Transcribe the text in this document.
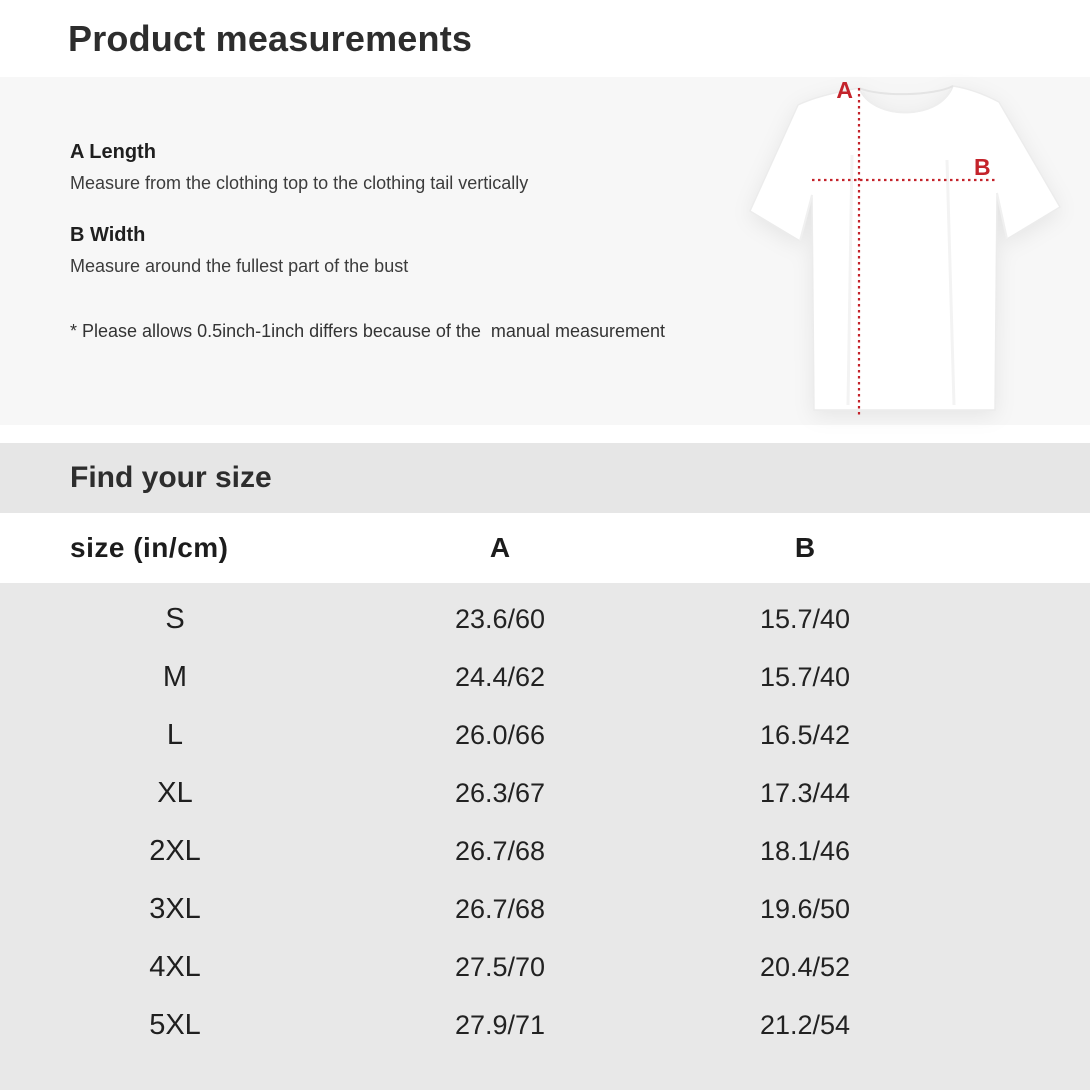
Product measurements
A Length
Measure from the clothing top to the clothing tail vertically
B Width
Measure around the fullest part of the bust
* Please allows 0.5inch-1inch differs because of the  manual measurement
A
B
Find your size
size (in/cm)	A	B
S	23.6/60	15.7/40
M	24.4/62	15.7/40
L	26.0/66	16.5/42
XL	26.3/67	17.3/44
2XL	26.7/68	18.1/46
3XL	26.7/68	19.6/50
4XL	27.5/70	20.4/52
5XL	27.9/71	21.2/54
